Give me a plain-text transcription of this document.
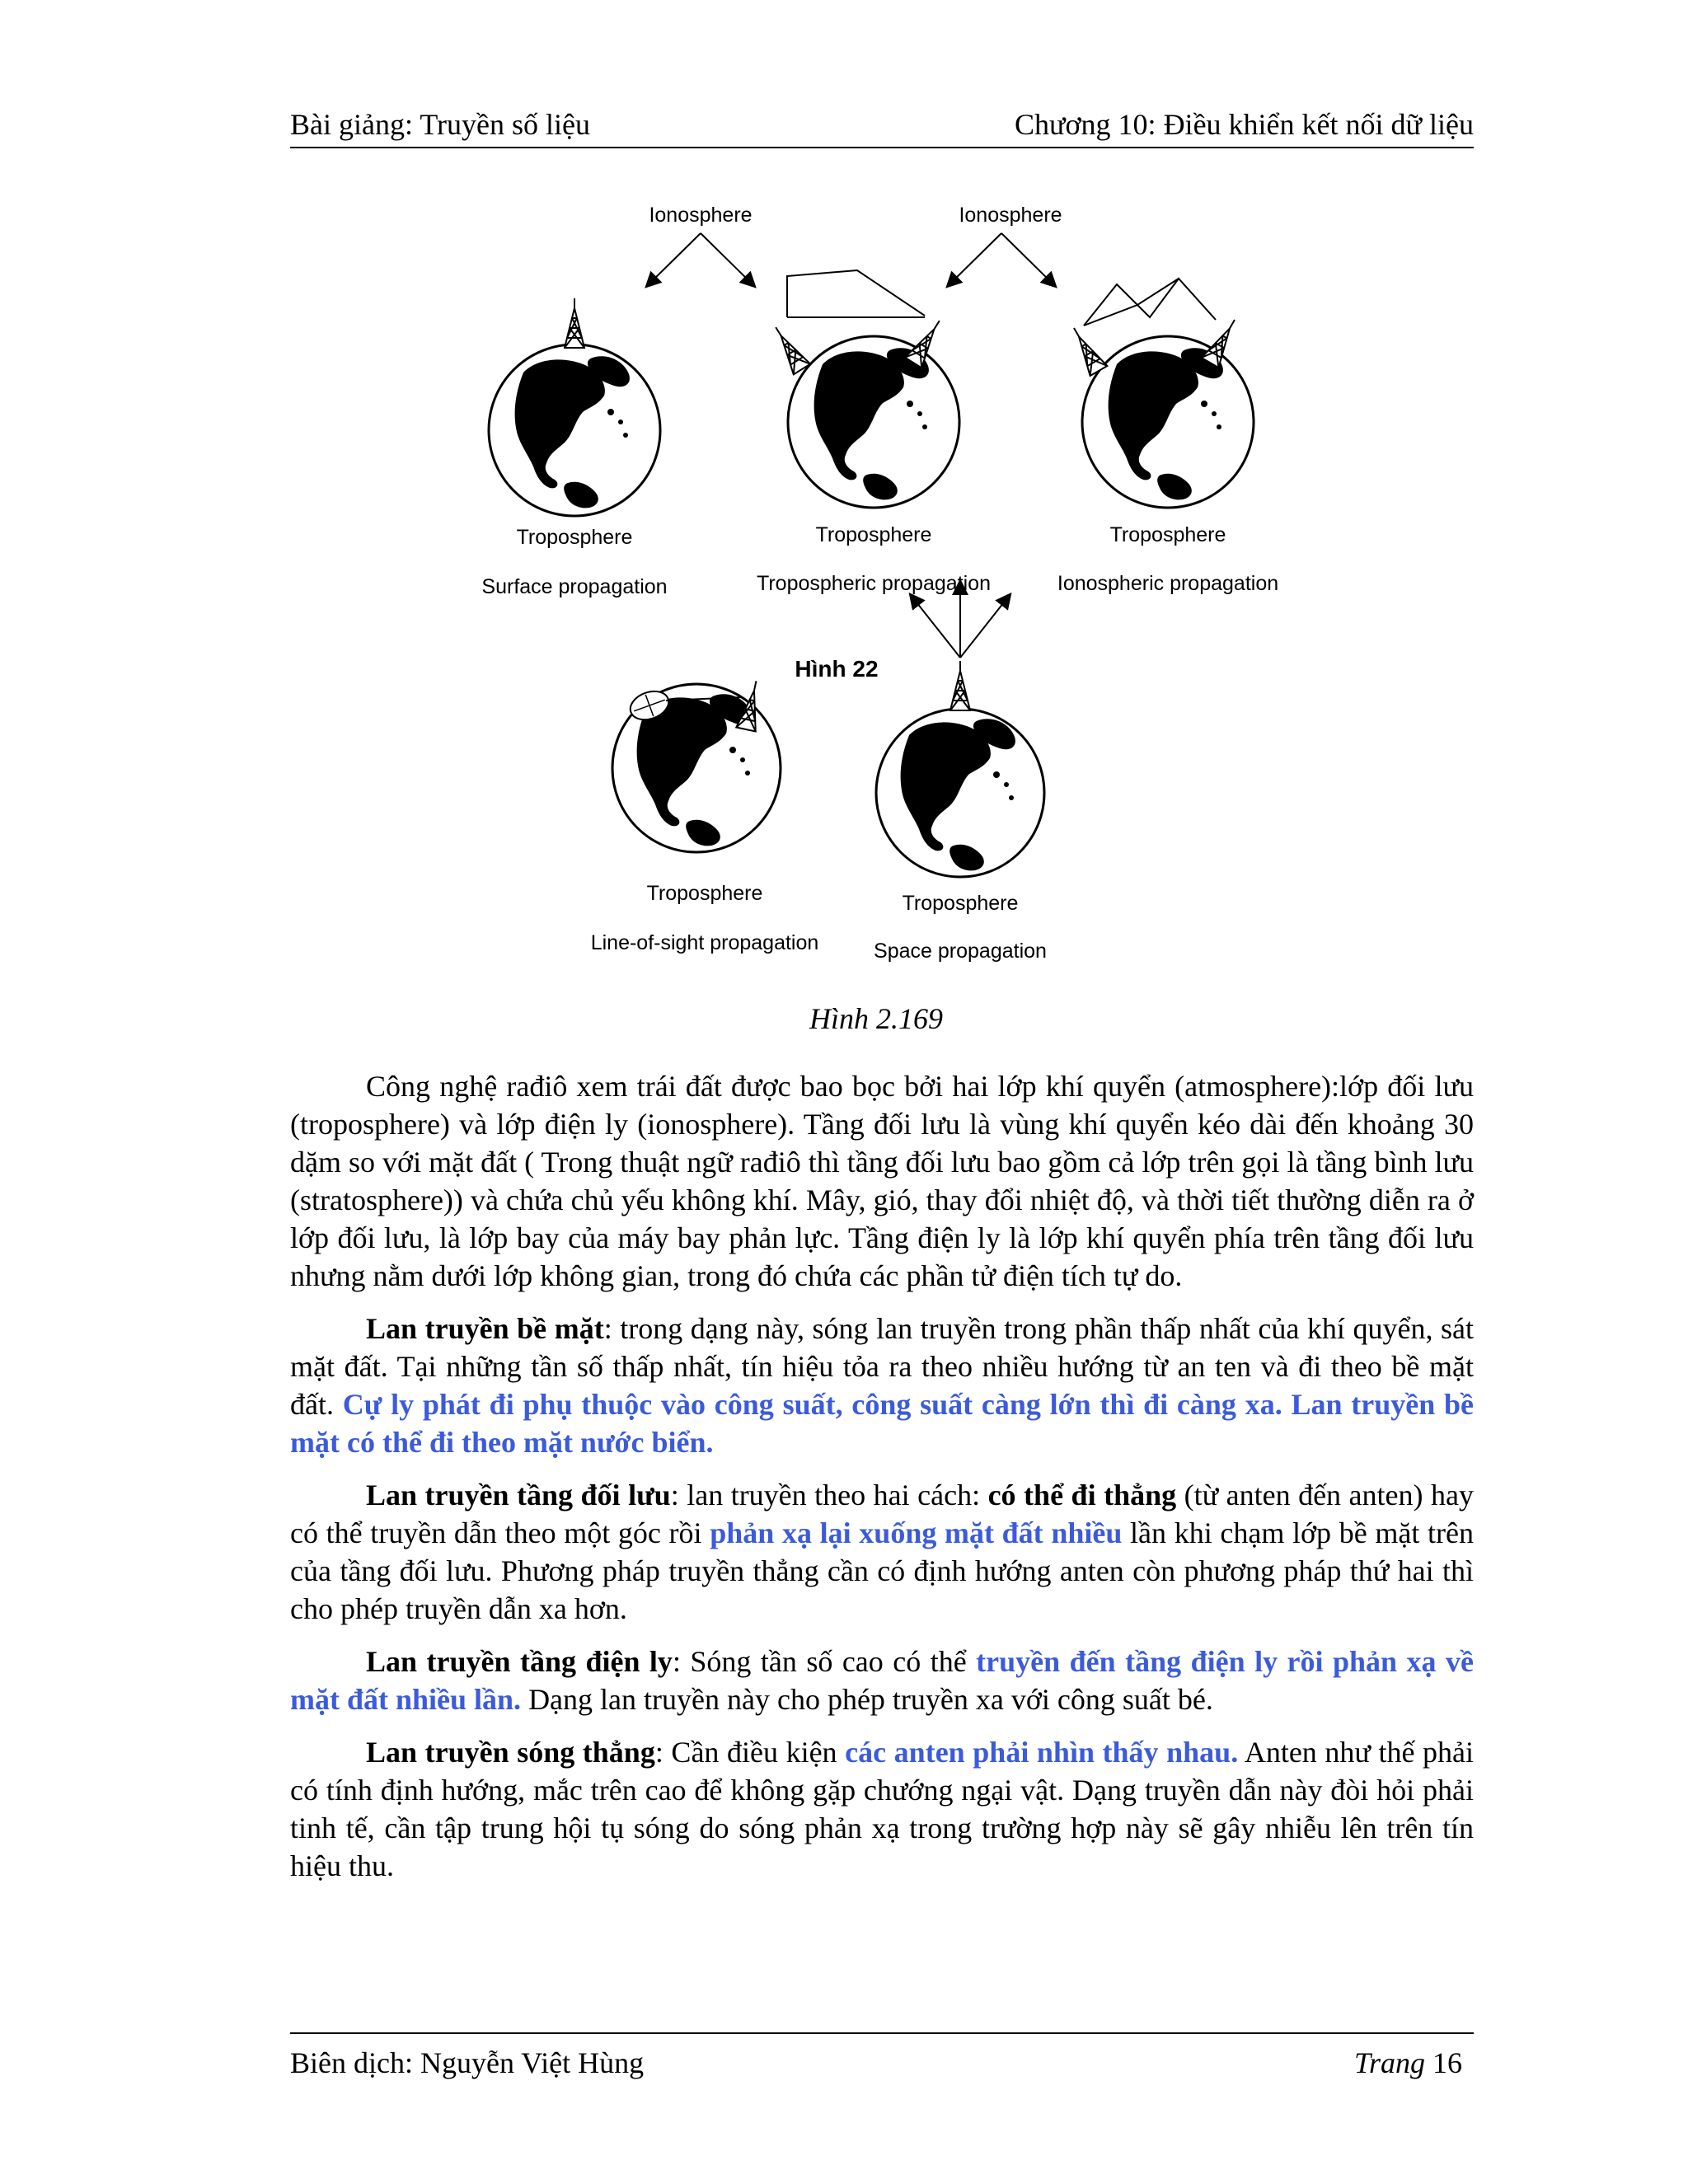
Bài giảng: Truyền số liệu	Chương 10: Điều khiển kết nối dữ liệu
Ionosphere	Ionosphere
Troposphere
Surface propagation
Troposphere
Tropospheric propagation
Troposphere
Ionospheric propagation
Hình 22
Troposphere
Line-of-sight propagation
Troposphere
Space propagation
Hình 2.169

Công nghệ rađiô xem trái đất được bao bọc bởi hai lớp khí quyển (atmosphere):lớp đối lưu (troposphere) và lớp điện ly (ionosphere). Tầng đối lưu là vùng khí quyển kéo dài đến khoảng 30 dặm so với mặt đất ( Trong thuật ngữ rađiô thì tầng đối lưu bao gồm cả lớp trên gọi là tầng bình lưu (stratosphere)) và chứa chủ yếu không khí. Mây, gió, thay đổi nhiệt độ, và thời tiết thường diễn ra ở lớp đối lưu, là lớp bay của máy bay phản lực. Tầng điện ly là lớp khí quyển phía trên tầng đối lưu nhưng nằm dưới lớp không gian, trong đó chứa các phần tử điện tích tự do.

Lan truyền bề mặt: trong dạng này, sóng lan truyền trong phần thấp nhất của khí quyển, sát mặt đất. Tại những tần số thấp nhất, tín hiệu tỏa ra theo nhiều hướng từ an ten và đi theo bề mặt đất. Cự ly phát đi phụ thuộc vào công suất, công suất càng lớn thì đi càng xa. Lan truyền bề mặt có thể đi theo mặt nước biển.

Lan truyền tầng đối lưu: lan truyền theo hai cách: có thể đi thẳng (từ anten đến anten) hay có thể truyền dẫn theo một góc rồi phản xạ lại xuống mặt đất nhiều lần khi chạm lớp bề mặt trên của tầng đối lưu. Phương pháp truyền thẳng cần có định hướng anten còn phương pháp thứ hai thì cho phép truyền dẫn xa hơn.

Lan truyền tầng điện ly: Sóng tần số cao có thể truyền đến tầng điện ly rồi phản xạ về mặt đất nhiều lần. Dạng lan truyền này cho phép truyền xa với công suất bé.

Lan truyền sóng thẳng: Cần điều kiện các anten phải nhìn thấy nhau. Anten như thế phải có tính định hướng, mắc trên cao để không gặp chướng ngại vật. Dạng truyền dẫn này đòi hỏi phải tinh tế, cần tập trung hội tụ sóng do sóng phản xạ trong trường hợp này sẽ gây nhiễu lên trên tín hiệu thu.

Biên dịch: Nguyễn Việt Hùng	Trang 16
